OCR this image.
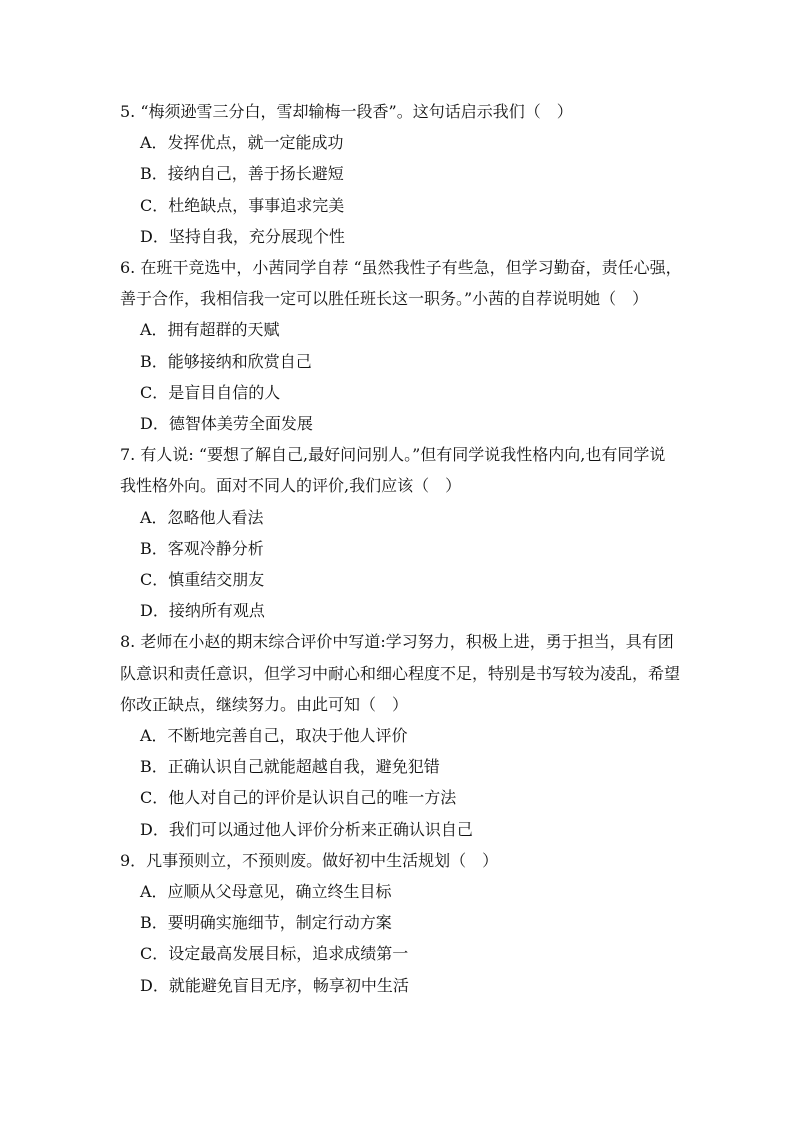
5. “梅须逊雪三分白，雪却输梅一段香”。这句话启示我们（　）
A．发挥优点，就一定能成功
B．接纳自己，善于扬长避短
C．杜绝缺点，事事追求完美
D．坚持自我，充分展现个性
6. 在班干竞选中，小茜同学自荐 “虽然我性子有些急，但学习勤奋，责任心强，
善于合作，我相信我一定可以胜任班长这一职务。”小茜的自荐说明她（　）
A．拥有超群的天赋
B．能够接纳和欣赏自己
C．是盲目自信的人
D．德智体美劳全面发展
7. 有人说: “要想了解自己,最好问问别人。”但有同学说我性格内向,也有同学说
我性格外向。面对不同人的评价,我们应该（　）
A．忽略他人看法
B．客观冷静分析
C．慎重结交朋友
D．接纳所有观点
8. 老师在小赵的期末综合评价中写道:学习努力，积极上进，勇于担当，具有团
队意识和责任意识，但学习中耐心和细心程度不足，特别是书写较为凌乱，希望
你改正缺点，继续努力。由此可知（　）
A．不断地完善自己，取决于他人评价
B．正确认识自己就能超越自我，避免犯错
C．他人对自己的评价是认识自己的唯一方法
D．我们可以通过他人评价分析来正确认识自己
9．凡事预则立，不预则废。做好初中生活规划（　）
A．应顺从父母意见，确立终生目标
B．要明确实施细节，制定行动方案
C．设定最高发展目标，追求成绩第一
D．就能避免盲目无序，畅享初中生活
